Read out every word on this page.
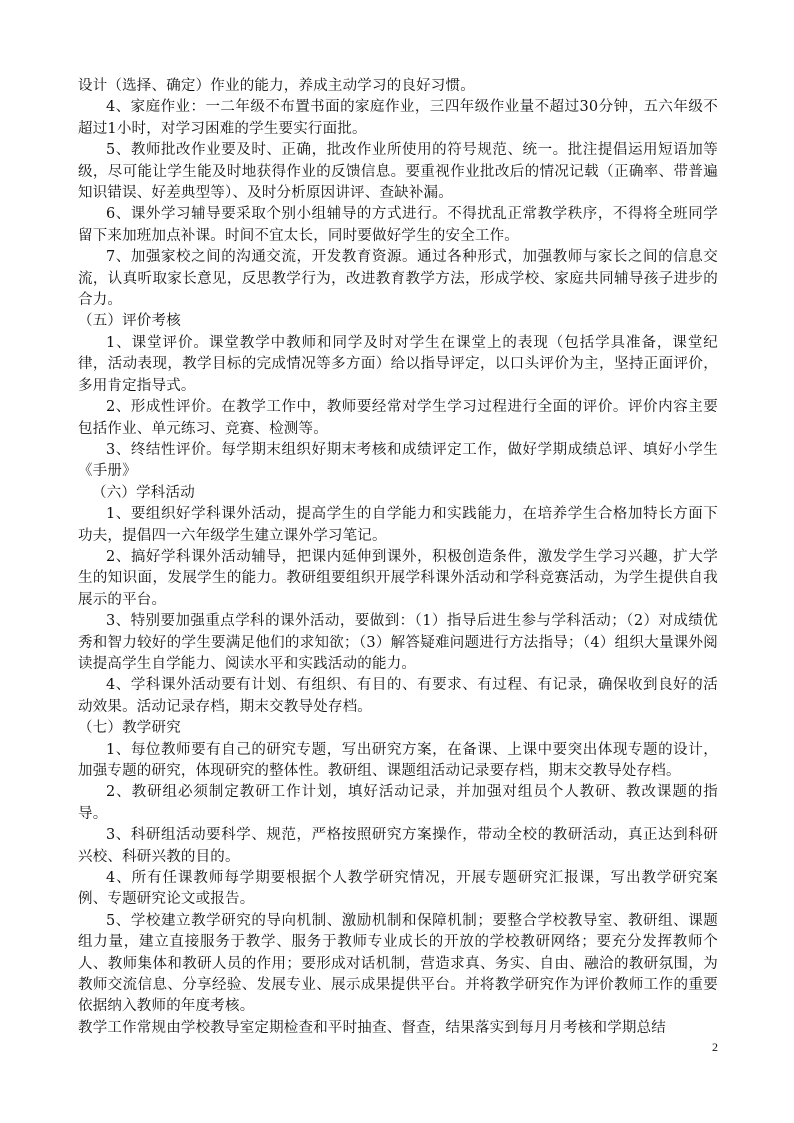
设计（选择、确定）作业的能力，养成主动学习的良好习惯。

4、家庭作业：一二年级不布置书面的家庭作业，三四年级作业量不超过30分钟，五六年级不超过1小时，对学习困难的学生要实行面批。

5、教师批改作业要及时、正确，批改作业所使用的符号规范、统一。批注提倡运用短语加等级，尽可能让学生能及时地获得作业的反馈信息。要重视作业批改后的情况记载（正确率、带普遍知识错误、好差典型等）、及时分析原因讲评、查缺补漏。

6、课外学习辅导要采取个别小组辅导的方式进行。不得扰乱正常教学秩序，不得将全班同学留下来加班加点补课。时间不宜太长，同时要做好学生的安全工作。

7、加强家校之间的沟通交流，开发教育资源。通过各种形式，加强教师与家长之间的信息交流，认真听取家长意见，反思教学行为，改进教育教学方法，形成学校、家庭共同辅导孩子进步的合力。

（五）评价考核

1、课堂评价。课堂教学中教师和同学及时对学生在课堂上的表现（包括学具准备，课堂纪律，活动表现，教学目标的完成情况等多方面）给以指导评定，以口头评价为主，坚持正面评价，多用肯定指导式。

2、形成性评价。在教学工作中，教师要经常对学生学习过程进行全面的评价。评价内容主要包括作业、单元练习、竞赛、检测等。

3、终结性评价。每学期末组织好期末考核和成绩评定工作，做好学期成绩总评、填好小学生《手册》

（六）学科活动

1、要组织好学科课外活动，提高学生的自学能力和实践能力，在培养学生合格加特长方面下功夫，提倡四一六年级学生建立课外学习笔记。

2、搞好学科课外活动辅导，把课内延伸到课外，积极创造条件，激发学生学习兴趣，扩大学生的知识面，发展学生的能力。教研组要组织开展学科课外活动和学科竞赛活动，为学生提供自我展示的平台。

3、特别要加强重点学科的课外活动，要做到：（1）指导后进生参与学科活动；（2）对成绩优秀和智力较好的学生要满足他们的求知欲；（3）解答疑难问题进行方法指导；（4）组织大量课外阅读提高学生自学能力、阅读水平和实践活动的能力。

4、学科课外活动要有计划、有组织、有目的、有要求、有过程、有记录，确保收到良好的活动效果。活动记录存档，期末交教导处存档。

（七）教学研究

1、每位教师要有自己的研究专题，写出研究方案，在备课、上课中要突出体现专题的设计，加强专题的研究，体现研究的整体性。教研组、课题组活动记录要存档，期末交教导处存档。

2、教研组必须制定教研工作计划，填好活动记录，并加强对组员个人教研、教改课题的指导。

3、科研组活动要科学、规范，严格按照研究方案操作，带动全校的教研活动，真正达到科研兴校、科研兴教的目的。

4、所有任课教师每学期要根据个人教学研究情况，开展专题研究汇报课，写出教学研究案例、专题研究论文或报告。

5、学校建立教学研究的导向机制、激励机制和保障机制；要整合学校教导室、教研组、课题组力量，建立直接服务于教学、服务于教师专业成长的开放的学校教研网络；要充分发挥教师个人、教师集体和教研人员的作用；要形成对话机制，营造求真、务实、自由、融洽的教研氛围，为教师交流信息、分享经验、发展专业、展示成果提供平台。并将教学研究作为评价教师工作的重要依据纳入教师的年度考核。

教学工作常规由学校教导室定期检查和平时抽查、督查，结果落实到每月月考核和学期总结

2
